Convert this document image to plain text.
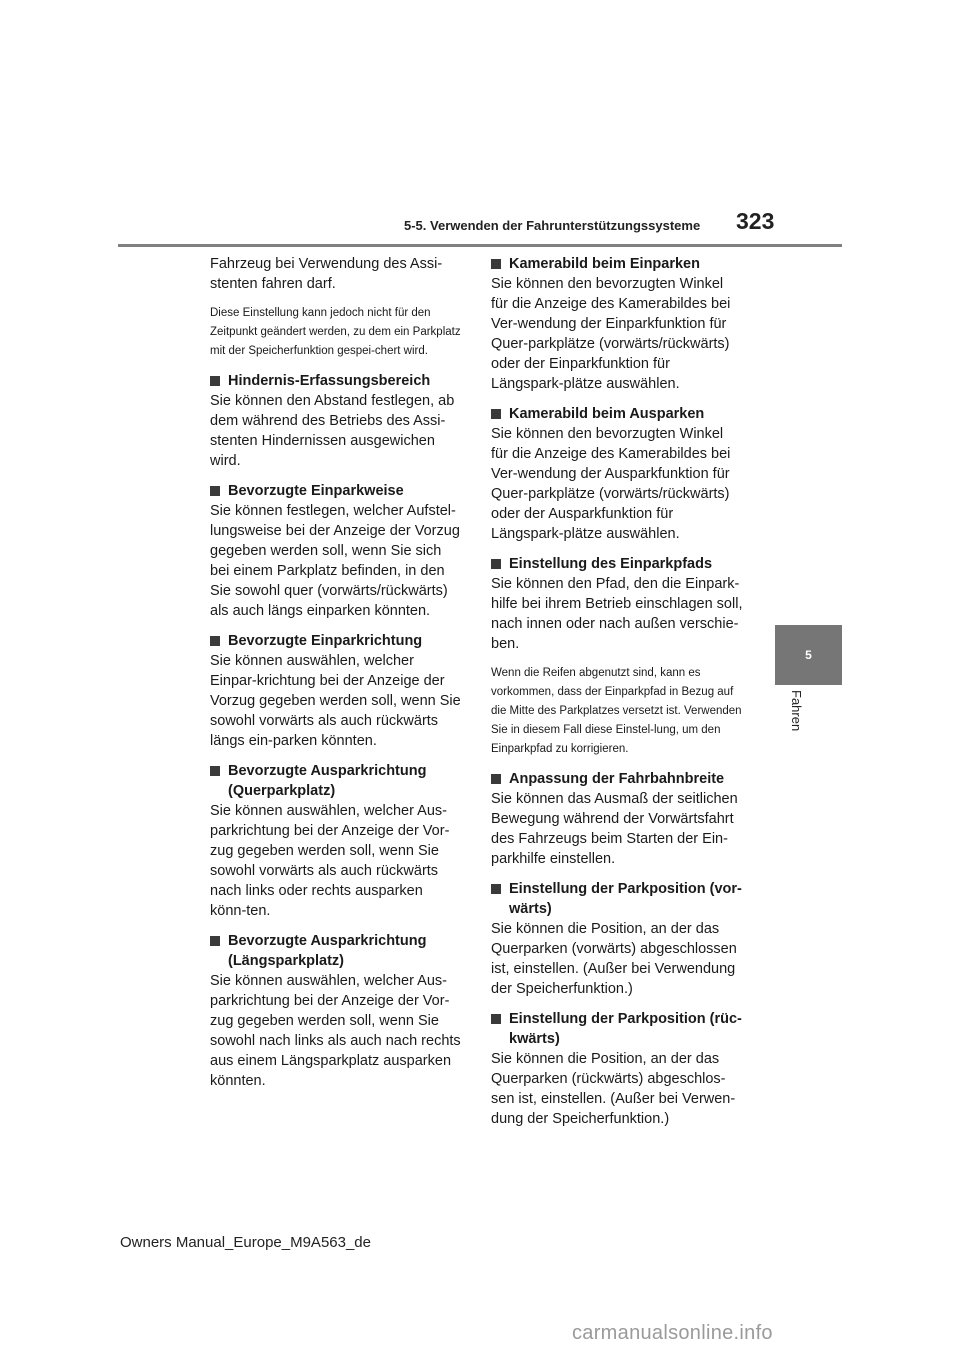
5-5. Verwenden der Fahrunterstützungssysteme 323
5
Fahren

Fahrzeug bei Verwendung des Assi-stenten fahren darf.

Diese Einstellung kann jedoch nicht für den Zeitpunkt geändert werden, zu dem ein Parkplatz mit der Speicherfunktion gespei-chert wird.

Hindernis-Erfassungsbereich

Sie können den Abstand festlegen, ab dem während des Betriebs des Assi-stenten Hindernissen ausgewichen wird.

Bevorzugte Einparkweise

Sie können festlegen, welcher Aufstel-lungsweise bei der Anzeige der Vorzug gegeben werden soll, wenn Sie sich bei einem Parkplatz befinden, in den Sie sowohl quer (vorwärts/rückwärts) als auch längs einparken könnten.

Bevorzugte Einparkrichtung

Sie können auswählen, welcher Einpar-krichtung bei der Anzeige der Vorzug gegeben werden soll, wenn Sie sowohl vorwärts als auch rückwärts längs ein-parken könnten.

Bevorzugte Ausparkrichtung (Querparkplatz)

Sie können auswählen, welcher Aus-parkrichtung bei der Anzeige der Vor-zug gegeben werden soll, wenn Sie sowohl vorwärts als auch rückwärts nach links oder rechts ausparken könn-ten.

Bevorzugte Ausparkrichtung (Längsparkplatz)

Sie können auswählen, welcher Aus-parkrichtung bei der Anzeige der Vor-zug gegeben werden soll, wenn Sie sowohl nach links als auch nach rechts aus einem Längsparkplatz ausparken könnten.

Kamerabild beim Einparken

Sie können den bevorzugten Winkel für die Anzeige des Kamerabildes bei Ver-wendung der Einparkfunktion für Quer-parkplätze (vorwärts/rückwärts) oder der Einparkfunktion für Längspark-plätze auswählen.

Kamerabild beim Ausparken

Sie können den bevorzugten Winkel für die Anzeige des Kamerabildes bei Ver-wendung der Ausparkfunktion für Quer-parkplätze (vorwärts/rückwärts) oder der Ausparkfunktion für Längspark-plätze auswählen.

Einstellung des Einparkpfads

Sie können den Pfad, den die Einpark-hilfe bei ihrem Betrieb einschlagen soll, nach innen oder nach außen verschie-ben.

Wenn die Reifen abgenutzt sind, kann es vorkommen, dass der Einparkpfad in Bezug auf die Mitte des Parkplatzes versetzt ist. Verwenden Sie in diesem Fall diese Einstel-lung, um den Einparkpfad zu korrigieren.

Anpassung der Fahrbahnbreite

Sie können das Ausmaß der seitlichen Bewegung während der Vorwärtsfahrt des Fahrzeugs beim Starten der Ein-parkhilfe einstellen.

Einstellung der Parkposition (vor-wärts)

Sie können die Position, an der das Querparken (vorwärts) abgeschlossen ist, einstellen. (Außer bei Verwendung der Speicherfunktion.)

Einstellung der Parkposition (rüc-kwärts)

Sie können die Position, an der das Querparken (rückwärts) abgeschlos-sen ist, einstellen. (Außer bei Verwen-dung der Speicherfunktion.)

Owners Manual_Europe_M9A563_de
carmanualsonline.info
